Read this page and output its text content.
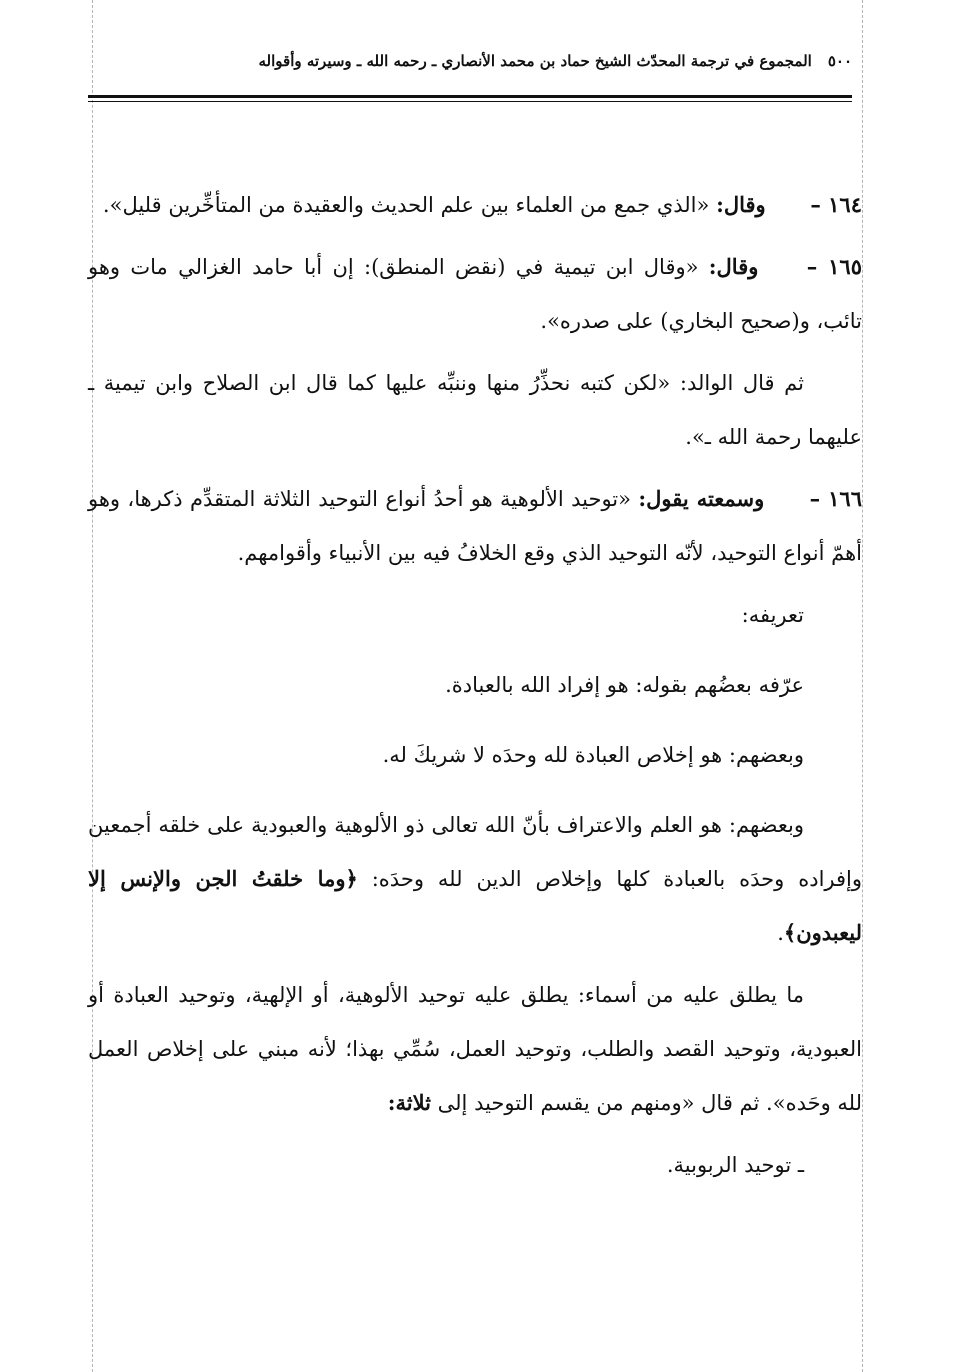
٥٠٠
المجموع في ترجمة المحدّث الشيخ حماد بن محمد الأنصاري ـ رحمه الله ـ وسيرته وأقواله

١٦٤ – وقال: «الذي جمع من العلماء بين علم الحديث والعقيدة من المتأخِّرين قليل».

١٦٥ – وقال: «وقال ابن تيمية في (نقض المنطق): إن أبا حامد الغزالي مات وهو تائب، و(صحيح البخاري) على صدره».

ثم قال الوالد: «لكن كتبه نحذِّرُ منها وننبِّه عليها كما قال ابن الصلاح وابن تيمية ـ عليهما رحمة الله ـ».

١٦٦ – وسمعته يقول: «توحيد الألوهية هو أحدُ أنواع التوحيد الثلاثة المتقدِّم ذكرها، وهو أهمّ أنواع التوحيد، لأنّه التوحيد الذي وقع الخلافُ فيه بين الأنبياء وأقوامهم.

تعريفه:

عرّفه بعضُهم بقوله: هو إفراد الله بالعبادة.

وبعضهم: هو إخلاص العبادة لله وحدَه لا شريكَ له.

وبعضهم: هو العلم والاعتراف بأنّ الله تعالى ذو الألوهية والعبودية على خلقه أجمعين وإفراده وحدَه بالعبادة كلها وإخلاص الدين لله وحدَه: ﴿وما خلقتُ الجن والإنس إلا ليعبدون﴾.

ما يطلق عليه من أسماء: يطلق عليه توحيد الألوهية، أو الإلهية، وتوحيد العبادة أو العبودية، وتوحيد القصد والطلب، وتوحيد العمل، سُمِّي بهذا؛ لأنه مبني على إخلاص العمل لله وحَده». ثم قال «ومنهم من يقسم التوحيد إلى ثلاثة:

ـ توحيد الربوبية.
